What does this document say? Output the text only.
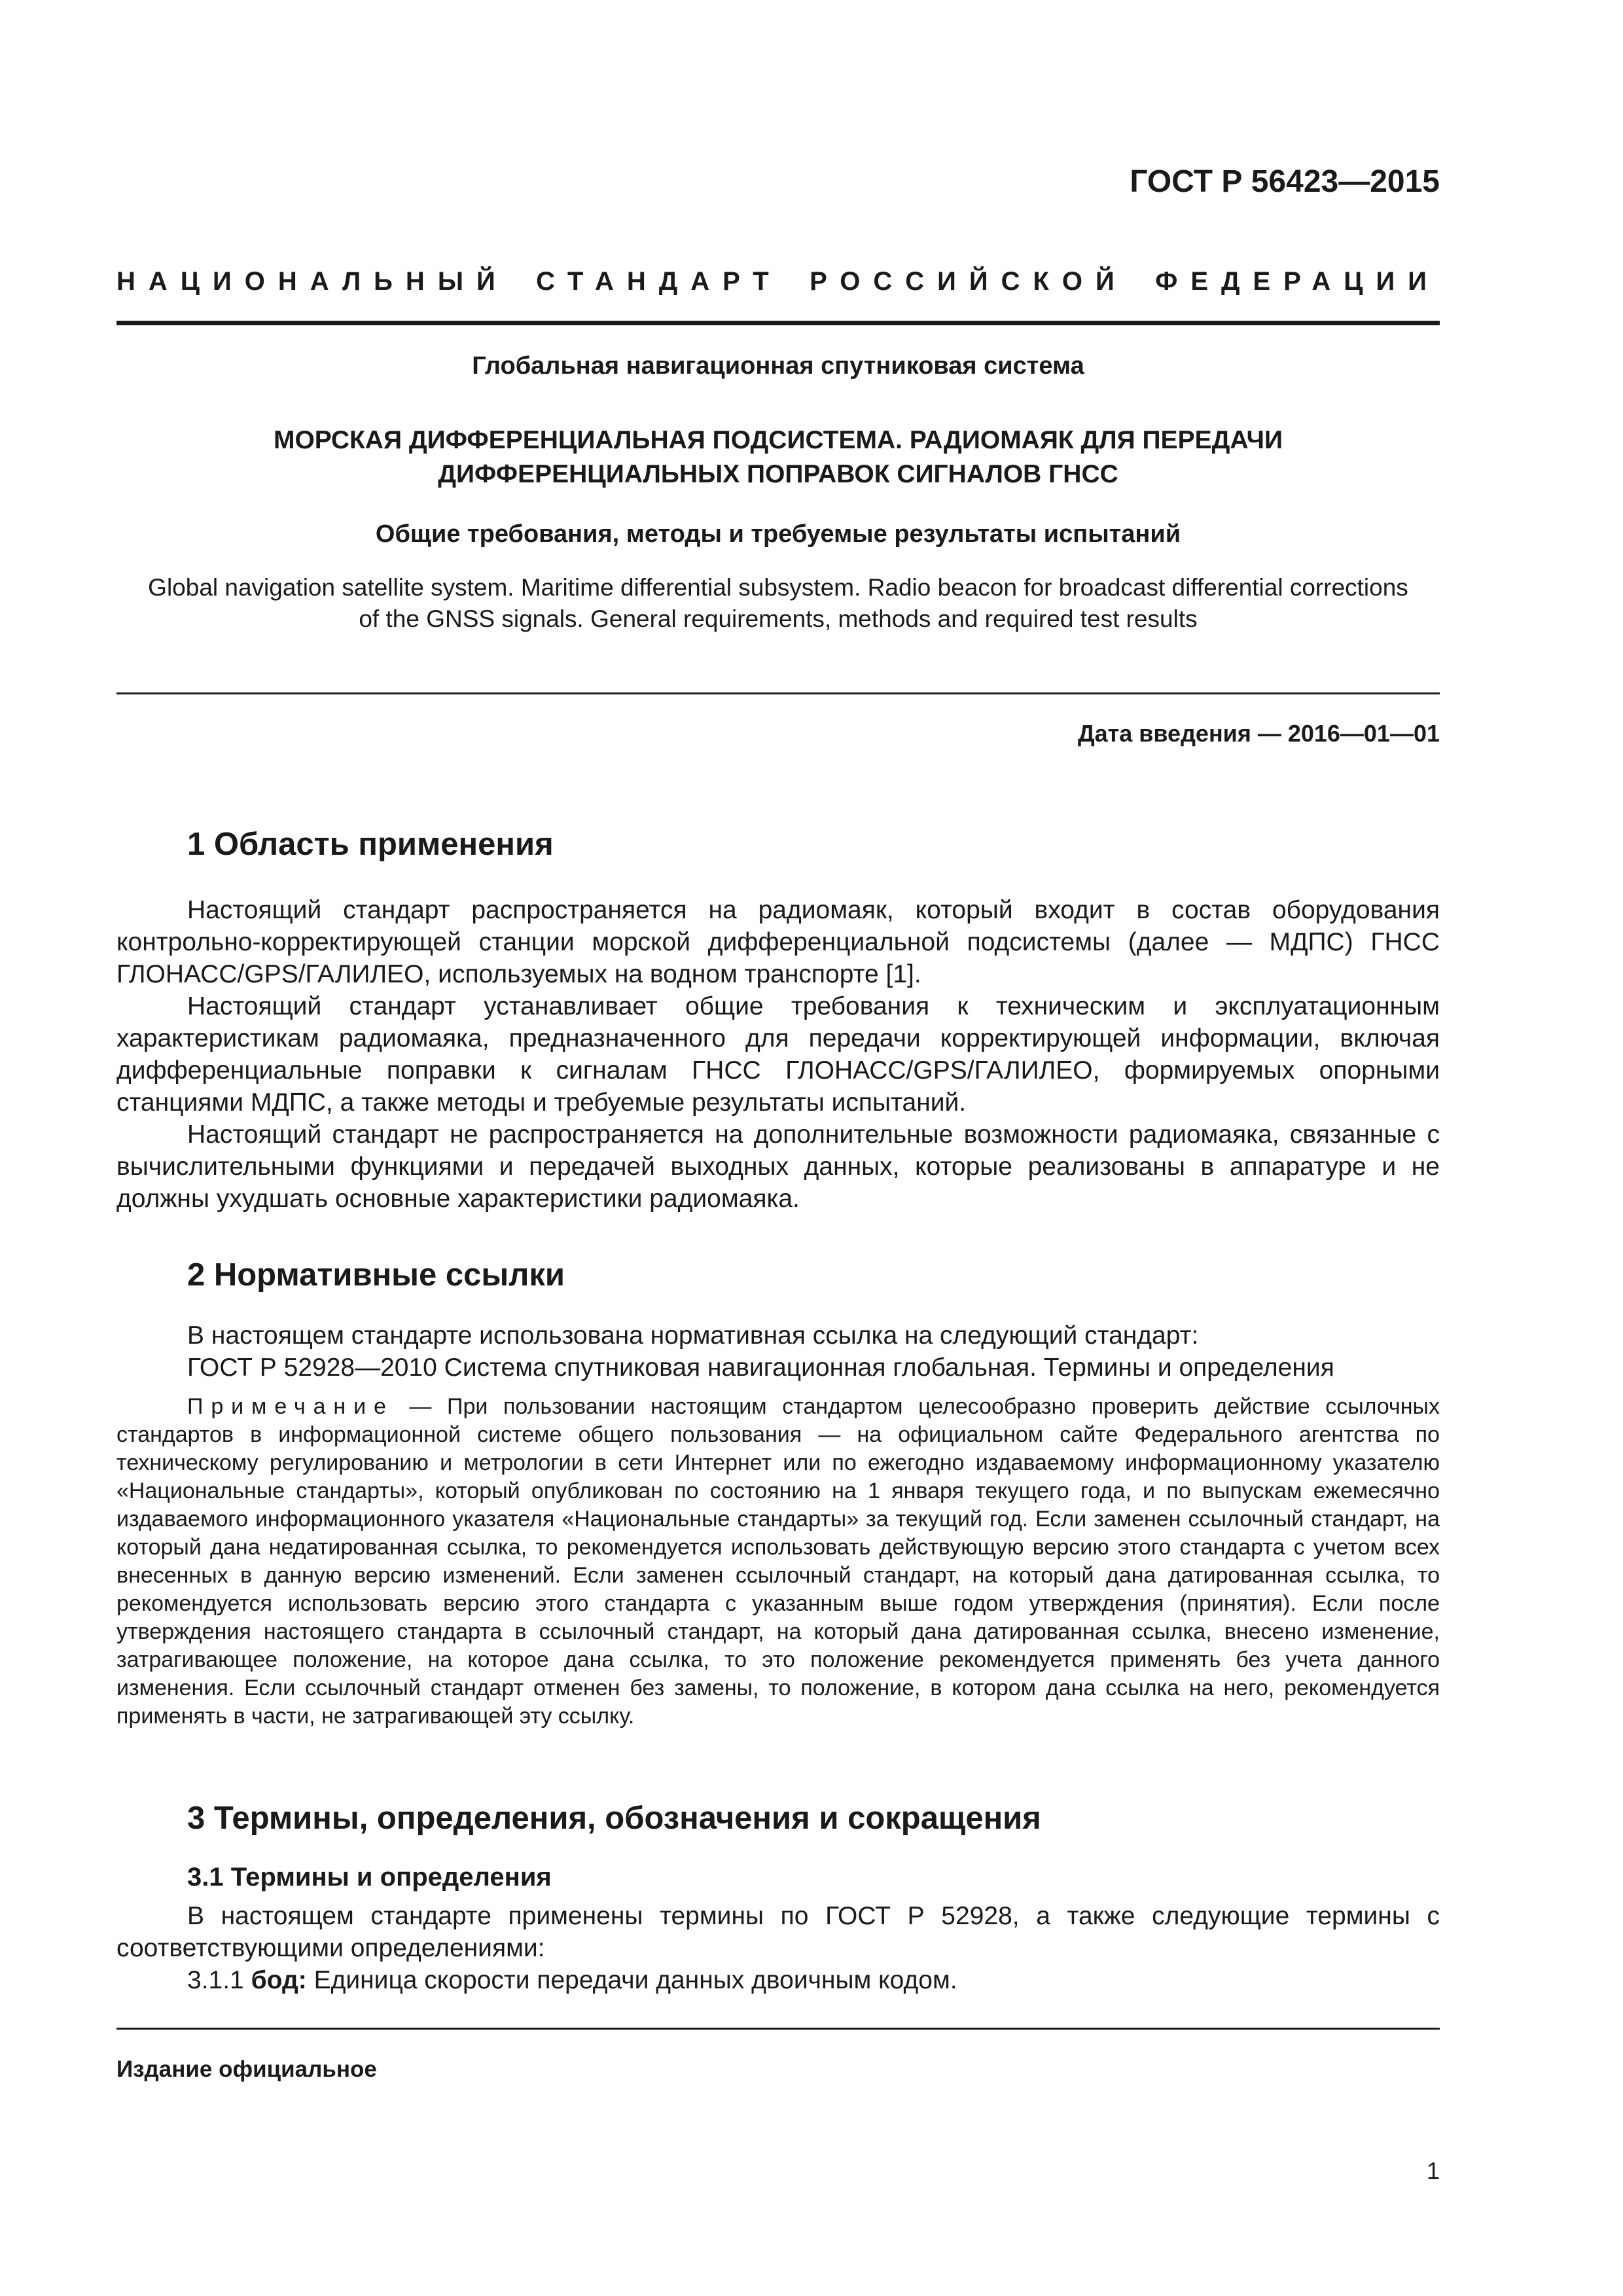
ГОСТ Р 56423—2015
НАЦИОНАЛЬНЫЙ СТАНДАРТ РОССИЙСКОЙ ФЕДЕРАЦИИ
Глобальная навигационная спутниковая система
МОРСКАЯ ДИФФЕРЕНЦИАЛЬНАЯ ПОДСИСТЕМА. РАДИОМАЯК ДЛЯ ПЕРЕДАЧИ
ДИФФЕРЕНЦИАЛЬНЫХ ПОПРАВОК СИГНАЛОВ ГНСС
Общие требования, методы и требуемые результаты испытаний
Global navigation satellite system. Maritime differential subsystem. Radio beacon for broadcast differential corrections
of the GNSS signals. General requirements, methods and required test results
Дата введения — 2016—01—01
1 Область применения

Настоящий стандарт распространяется на радиомаяк, который входит в состав оборудования контрольно-корректирующей станции морской дифференциальной подсистемы (далее — МДПС) ГНСС ГЛОНАСС/GPS/ГАЛИЛЕО, используемых на водном транспорте [1].

Настоящий стандарт устанавливает общие требования к техническим и эксплуатационным характеристикам радиомаяка, предназначенного для передачи корректирующей информации, включая дифференциальные поправки к сигналам ГНСС ГЛОНАСС/GPS/ГАЛИЛЕО, формируемых опорными станциями МДПС, а также методы и требуемые результаты испытаний.

Настоящий стандарт не распространяется на дополнительные возможности радиомаяка, связанные с вычислительными функциями и передачей выходных данных, которые реализованы в аппаратуре и не должны ухудшать основные характеристики радиомаяка.

2 Нормативные ссылки

В настоящем стандарте использована нормативная ссылка на следующий стандарт:

ГОСТ Р 52928—2010 Система спутниковая навигационная глобальная. Термины и определения

Примечание — При пользовании настоящим стандартом целесообразно проверить действие ссылочных стандартов в информационной системе общего пользования — на официальном сайте Федерального агентства по техническому регулированию и метрологии в сети Интернет или по ежегодно издаваемому информационному указателю «Национальные стандарты», который опубликован по состоянию на 1 января текущего года, и по выпускам ежемесячно издаваемого информационного указателя «Национальные стандарты» за текущий год. Если заменен ссылочный стандарт, на который дана недатированная ссылка, то рекомендуется использовать действующую версию этого стандарта с учетом всех внесенных в данную версию изменений. Если заменен ссылочный стандарт, на который дана датированная ссылка, то рекомендуется использовать версию этого стандарта с указанным выше годом утверждения (принятия). Если после утверждения настоящего стандарта в ссылочный стандарт, на который дана датированная ссылка, внесено изменение, затрагивающее положение, на которое дана ссылка, то это положение рекомендуется применять без учета данного изменения. Если ссылочный стандарт отменен без замены, то положение, в котором дана ссылка на него, рекомендуется применять в части, не затрагивающей эту ссылку.
3 Термины, определения, обозначения и сокращения
3.1 Термины и определения

В настоящем стандарте применены термины по ГОСТ Р 52928, а также следующие термины с соответствующими определениями:

3.1.1 бод: Единица скорости передачи данных двоичным кодом.

Издание официальное
1
